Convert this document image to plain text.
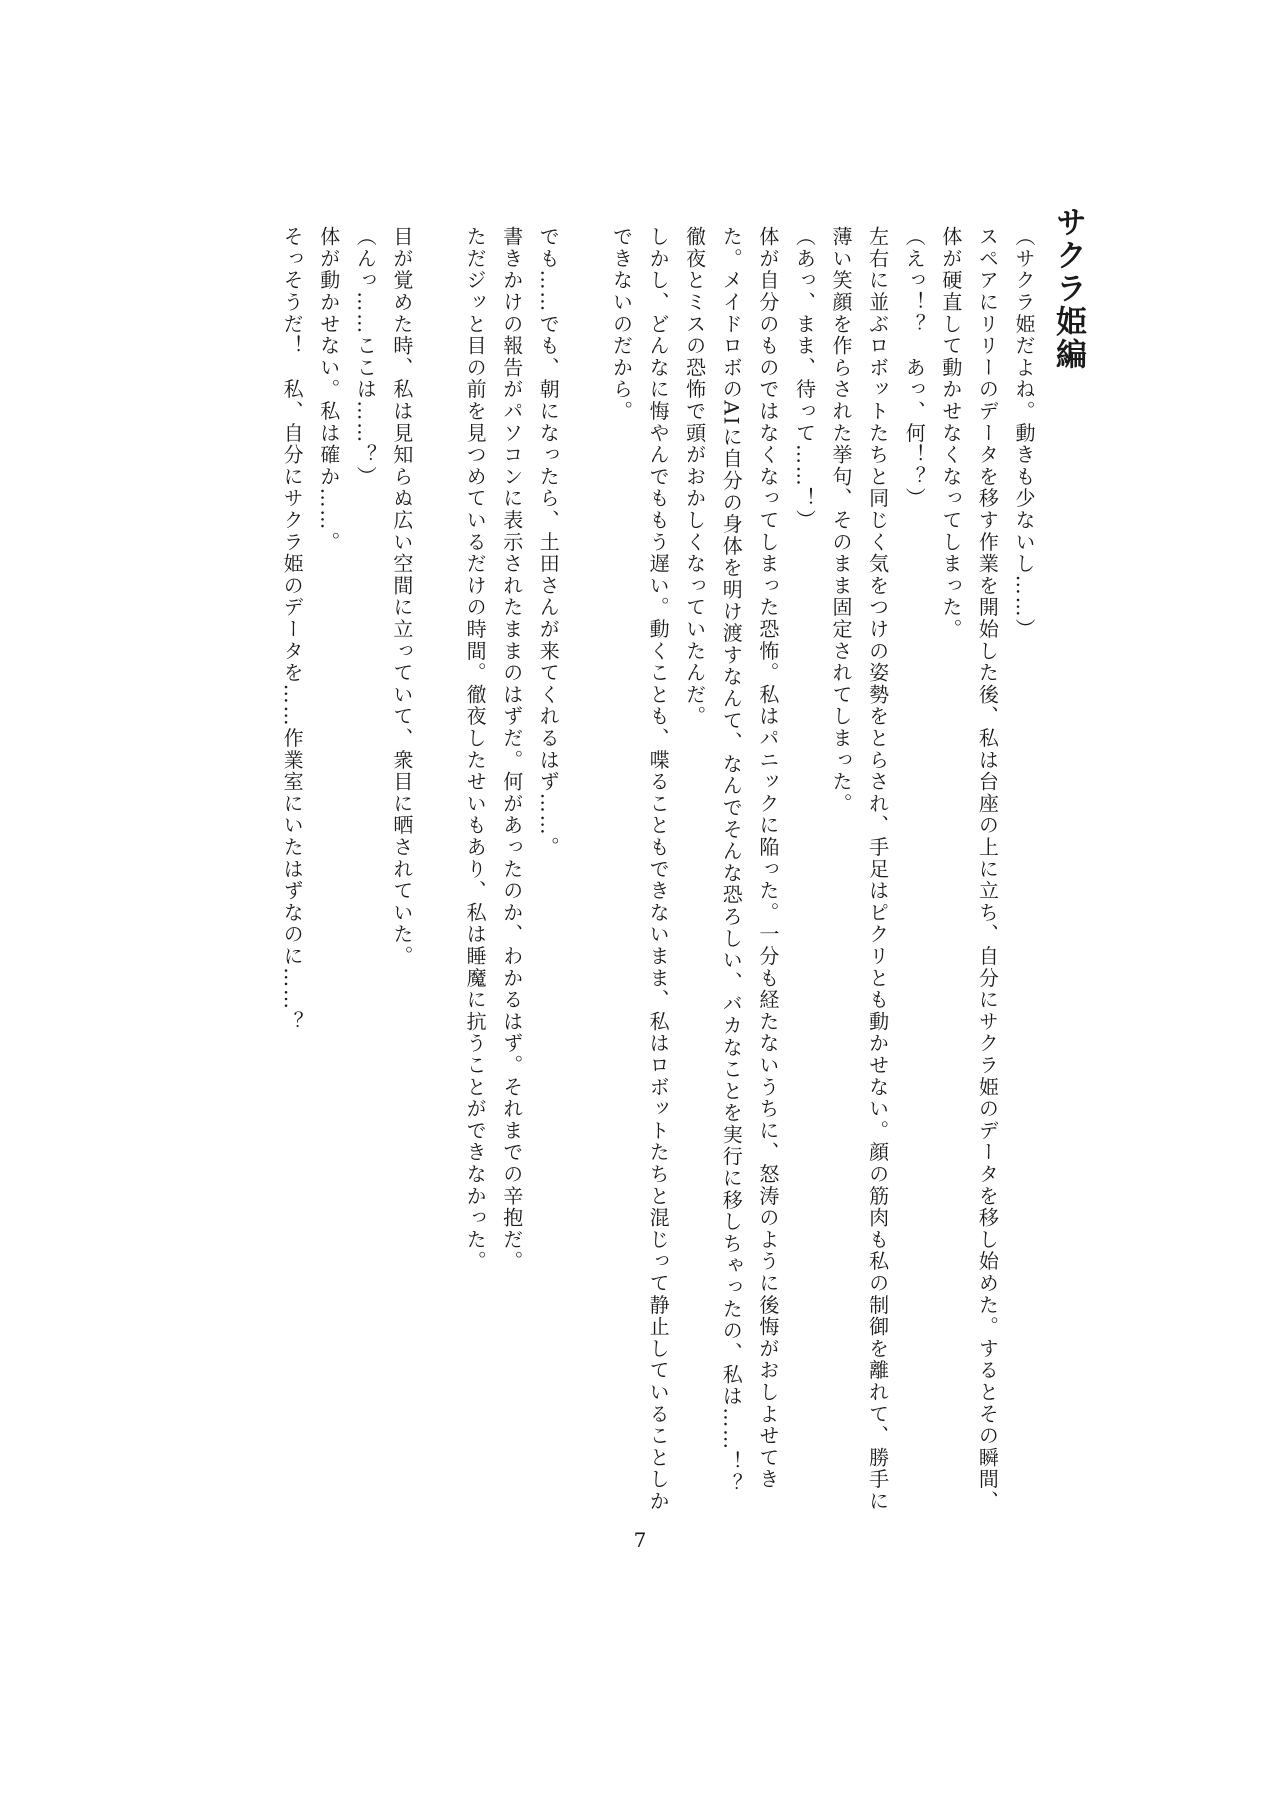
サクラ姫編

（サクラ姫だよね。動きも少ないし……）

スペアにリリーのデータを移す作業を開始した後、私は台座の上に立ち、自分にサクラ姫のデータを移し始めた。するとその瞬間、体が硬直して動かせなくなってしまった。

（えっ！？　あっ、何！？）

左右に並ぶロボットたちと同じく気をつけの姿勢をとらされ、手足はピクリとも動かせない。顔の筋肉も私の制御を離れて、勝手に薄い笑顔を作らされた挙句、そのまま固定されてしまった。

（あっ、まま、待って……！）

体が自分のものではなくなってしまった恐怖。私はパニックに陥った。一分も経たないうちに、怒涛のように後悔がおしよせてきた。メイドロボのAIに自分の身体を明け渡すなんて、なんでそんな恐ろしい、バカなことを実行に移しちゃったの、私は……！？

徹夜とミスの恐怖で頭がおかしくなっていたんだ。

しかし、どんなに悔やんでももう遅い。動くことも、喋ることもできないまま、私はロボットたちと混じって静止していることしかできないのだから。

でも……でも、朝になったら、土田さんが来てくれるはず……。

書きかけの報告がパソコンに表示されたままのはずだ。何があったのか、わかるはず。それまでの辛抱だ。

ただジッと目の前を見つめているだけの時間。徹夜したせいもあり、私は睡魔に抗うことができなかった。

目が覚めた時、私は見知らぬ広い空間に立っていて、衆目に晒されていた。

（んっ……ここは……？）

体が動かせない。私は確か……。

そっそうだ！　私、自分にサクラ姫のデータを……作業室にいたはずなのに……？

7
